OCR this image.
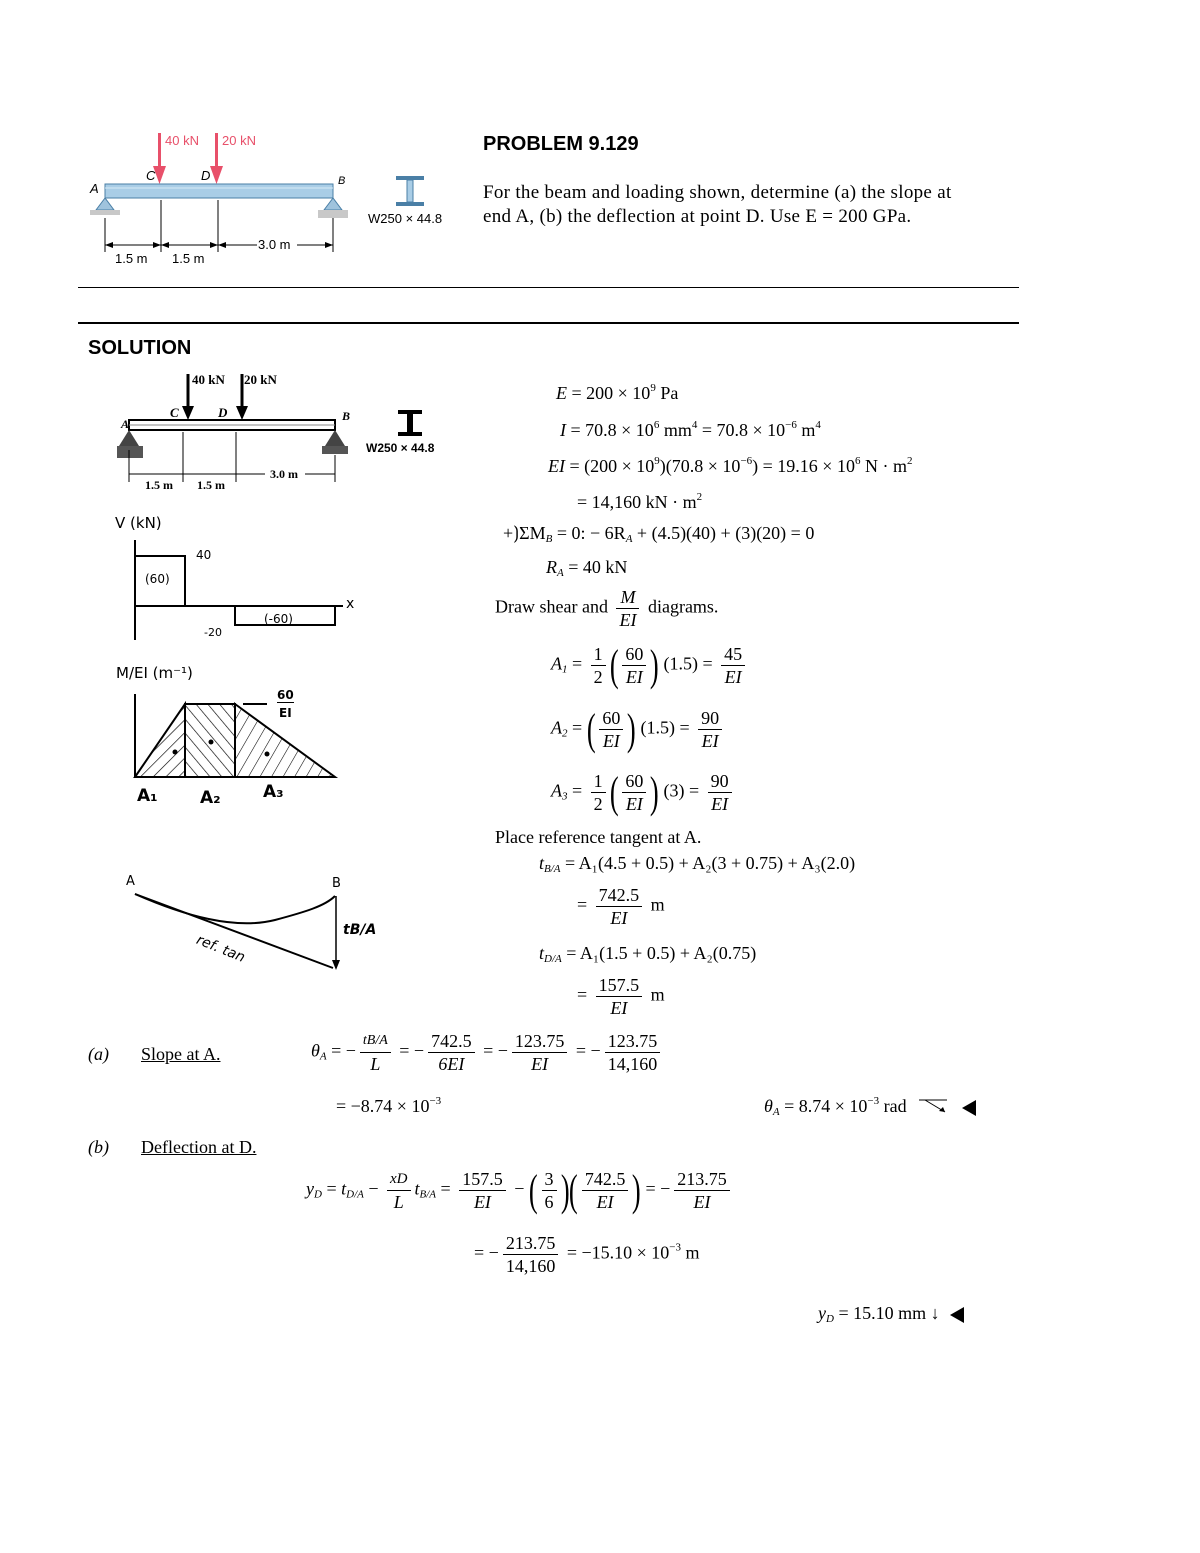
40 kN 20 kN
A	B
C	D
W250 × 44.8
1.5 m 1.5 m
3.0 m
PROBLEM 9.129
For the beam and loading shown, determine (a) the slope at
end A, (b) the deflection at point D. Use E = 200 GPa.
SOLUTION
40 kN 20 kN
A
B
C	D
W250 × 44.8
1.5 m 1.5 m
3.0 m
V (kN)
40
(60)
-20
(-60)
x
M/EI (m⁻¹)
60
EI
A₁ A₂ A₃
A	B
ref. tan
tB/A
$E = 200 \times 10^9$ Pa
$I = 70.8 \times 10^6$ $mm^4 = 70.8 \times 10^{-6}$ $m^4$
EI = $(200 \times 10^9)(70.8 \times 10^{-6}) = 19.16 \times 10^6$ $N \cdot m^2$
= 14,160 kN · $m^2$
$+⟯\Sigma M_B = 0$: − $6R_A + (4.5)(40) + (3)(20) = 0$
$R_A = 40$ kN
Draw shear and $\frac{M}{EI}$ diagrams.
$A_1 = \frac{1}{2}$ ( $\frac{60}{EI}$ ) $(1.5) = \frac{45}{EI}$
$A_2$ = ( $\frac{60}{EI}$ ) $(1.5) = \frac{90}{EI}$
$A_3 = \frac{1}{2}$ ( $\frac{60}{EI}$ ) $(3) = \frac{90}{EI}$
Place reference tangent at A.
$t_{B/A} = A_1(4.5 + 0.5) + A_2(3 + 0.75) + A_3(2.0)$
= $\frac{742.5}{EI}$ m
$t_{D/A} = A_1(1.5 + 0.5) + A_2(0.75)$
= $\frac{157.5}{EI}$ m
(a) Slope at A.	$\theta_A$ = − $\frac{tB/A}{L}$ = − $\frac{742.5}{6EI}$ = − $\frac{123.75}{EI}$ = − $\frac{123.75}{14,160}$
= $-8.74 \times 10^{-3}$	$\theta_A = 8.74 \times 10^{-3}$ rad
(b) Deflection at D.
$y_D = t_{D/A} - \frac{xD}{L} t_{B/A} = \frac{157.5}{EI}$ − ( $\frac{3}{6}$ )( $\frac{742.5}{EI}$ ) = − $\frac{213.75}{EI}$
= − $\frac{213.75}{14,160} = -15.10 \times 10^{-3}$ m
$y_D = 15.10$ mm ↓
